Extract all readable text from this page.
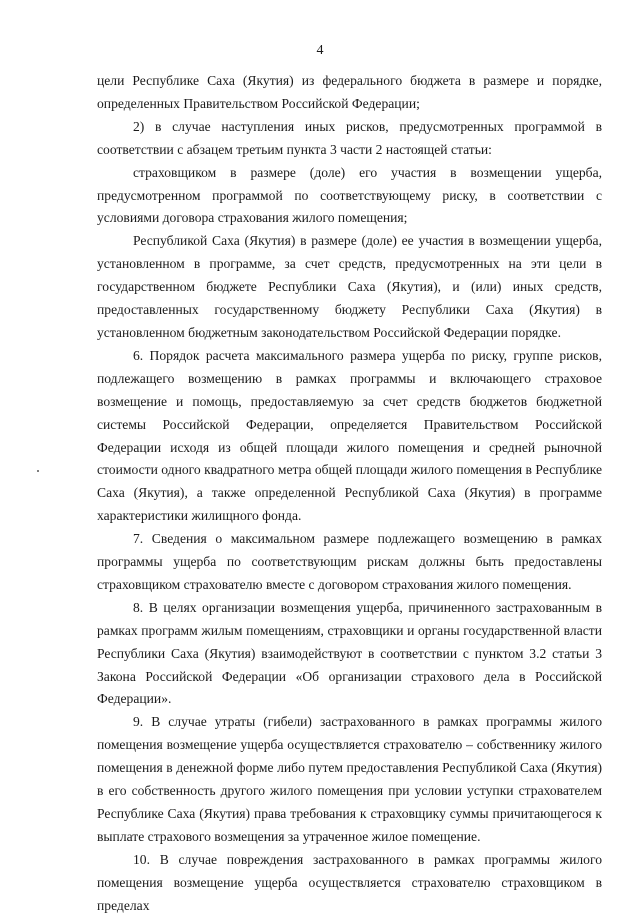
4

цели Республике Саха (Якутия) из федерального бюджета в размере и порядке, определенных Правительством Российской Федерации;

2) в случае наступления иных рисков, предусмотренных программой в соответствии с абзацем третьим пункта 3 части 2 настоящей статьи:

страховщиком в размере (доле) его участия в возмещении ущерба, предусмотренном программой по соответствующему риску, в соответствии с условиями договора страхования жилого помещения;

Республикой Саха (Якутия) в размере (доле) ее участия в возмещении ущерба, установленном в программе, за счет средств, предусмотренных на эти цели в государственном бюджете Республики Саха (Якутия), и (или) иных средств, предоставленных государственному бюджету Республики Саха (Якутия) в установленном бюджетным законодательством Российской Федерации порядке.

6. Порядок расчета максимального размера ущерба по риску, группе рисков, подлежащего возмещению в рамках программы и включающего страховое возмещение и помощь, предоставляемую за счет средств бюджетов бюджетной системы Российской Федерации, определяется Правительством Российской Федерации исходя из общей площади жилого помещения и средней рыночной стоимости одного квадратного метра общей площади жилого помещения в Республике Саха (Якутия), а также определенной Республикой Саха (Якутия) в программе характеристики жилищного фонда.

7. Сведения о максимальном размере подлежащего возмещению в рамках программы ущерба по соответствующим рискам должны быть предоставлены страховщиком страхователю вместе с договором страхования жилого помещения.

8. В целях организации возмещения ущерба, причиненного застрахованным в рамках программ жилым помещениям, страховщики и органы государственной власти Республики Саха (Якутия) взаимодействуют в соответствии с пунктом 3.2 статьи 3 Закона Российской Федерации «Об организации страхового дела в Российской Федерации».

9. В случае утраты (гибели) застрахованного в рамках программы жилого помещения возмещение ущерба осуществляется страхователю – собственнику жилого помещения в денежной форме либо путем предоставления Республикой Саха (Якутия) в его собственность другого жилого помещения при условии уступки страхователем Республике Саха (Якутия) права требования к страховщику суммы причитающегося к выплате страхового возмещения за утраченное жилое помещение.

10. В случае повреждения застрахованного в рамках программы жилого помещения возмещение ущерба осуществляется страхователю страховщиком в пределах
